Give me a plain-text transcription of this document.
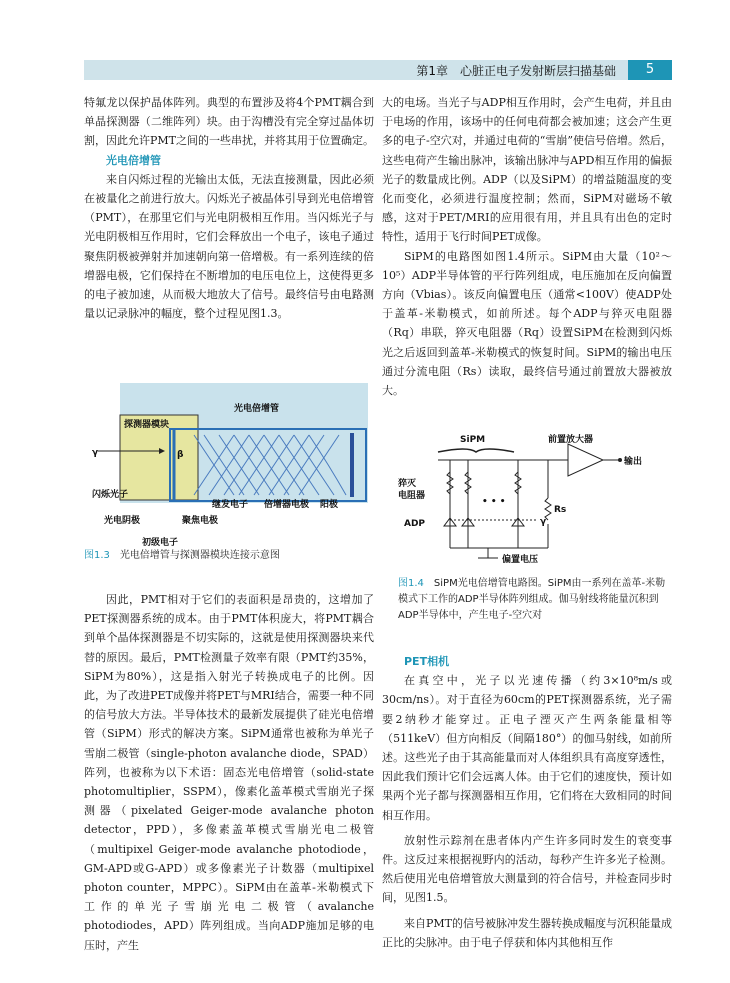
第1章　心脏正电子发射断层扫描基础	5

特氟龙以保护晶体阵列。典型的布置涉及将4个PMT耦合到单晶探测器（二维阵列）块。由于沟槽没有完全穿过晶体切割，因此允许PMT之间的一些串扰，并将其用于位置确定。

光电倍增管

来自闪烁过程的光输出太低，无法直接测量，因此必须在被量化之前进行放大。闪烁光子被晶体引导到光电倍增管（PMT），在那里它们与光电阴极相互作用。当闪烁光子与光电阴极相互作用时，它们会释放出一个电子，该电子通过聚焦阴极被弹射并加速朝向第一倍增极。有一系列连续的倍增器电极，它们保持在不断增加的电压电位上，这使得更多的电子被加速，从而极大地放大了信号。最终信号由电路测量以记录脉冲的幅度，整个过程见图1.3。

光电倍增管
探测器模块
γ	β
闪烁光子
光电阴极
初级电子
聚焦电极
继发电子 倍增器电极 阳极
图1.3　 光电倍增管与探测器模块连接示意图

因此，PMT相对于它们的表面积是昂贵的，这增加了PET探测器系统的成本。由于PMT体积庞大，将PMT耦合到单个晶体探测器是不切实际的，这就是使用探测器块来代替的原因。最后，PMT检测量子效率有限（PMT约35%，SiPM为80%），这是指入射光子转换成电子的比例。因此，为了改进PET成像并将PET与MRI结合，需要一种不同的信号放大方法。半导体技术的最新发展提供了硅光电倍增管（SiPM）形式的解决方案。SiPM通常也被称为单光子雪崩二极管（single-photon avalanche diode，SPAD）阵列，也被称为以下术语：固态光电倍增管（solid-state photomultiplier，SSPM），像素化盖革模式雪崩光子探测器（pixelated Geiger-mode avalanche photon detector，PPD），多像素盖革模式雪崩光电二极管（multipixel Geiger-mode avalanche photodiode，GM-APD或G-APD）或多像素光子计数器（multipixel photon counter，MPPC）。SiPM由在盖革-米勒模式下工作的单光子雪崩光电二极管（avalanche photodiodes，APD）阵列组成。当向ADP施加足够的电压时，产生

大的电场。当光子与ADP相互作用时，会产生电荷，并且由于电场的作用，该场中的任何电荷都会被加速；这会产生更多的电子-空穴对，并通过电荷的“雪崩”使信号倍增。然后，这些电荷产生输出脉冲，该输出脉冲与APD相互作用的偏振光子的数量成比例。ADP（以及SiPM）的增益随温度的变化而变化，必须进行温度控制；然而，SiPM对磁场不敏感，这对于PET/MRI的应用很有用，并且具有出色的定时特性，适用于飞行时间PET成像。

SiPM的电路图如图1.4所示。SiPM由大量（10²～10⁵）ADP半导体管的平行阵列组成，电压施加在反向偏置方向（Vbias）。该反向偏置电压（通常<100V）使ADP处于盖革-米勒模式，如前所述。每个ADP与猝灭电阻器（Rq）串联，猝灭电阻器（Rq）设置SiPM在检测到闪烁光之后返回到盖革-米勒模式的恢复时间。SiPM的输出电压通过分流电阻（Rs）读取，最终信号通过前置放大器被放大。

SiPM	前置放大器
输出
Rs
• • •
γ
偏置电压
猝灭
电阻器
ADP
图1.4　 SiPM光电倍增管电路图。SiPM由一系列在盖革-米勒模式下工作的ADP半导体阵列组成。伽马射线将能量沉积到ADP半导体中，产生电子-空穴对

PET相机

在真空中，光子以光速传播（约3×10⁸m/s或30cm/ns）。对于直径为60cm的PET探测器系统，光子需要2纳秒才能穿过。正电子湮灭产生两条能量相等（511keV）但方向相反（间隔180°）的伽马射线，如前所述。这些光子由于其高能量而对人体组织具有高度穿透性，因此我们预计它们会远离人体。由于它们的速度快，预计如果两个光子都与探测器相互作用，它们将在大致相同的时间相互作用。

放射性示踪剂在患者体内产生许多同时发生的衰变事件。这反过来根据视野内的活动，每秒产生许多光子检测。然后使用光电倍增管放大测量到的符合信号，并检查同步时间，见图1.5。

来自PMT的信号被脉冲发生器转换成幅度与沉积能量成正比的尖脉冲。由于电子俘获和体内其他相互作
